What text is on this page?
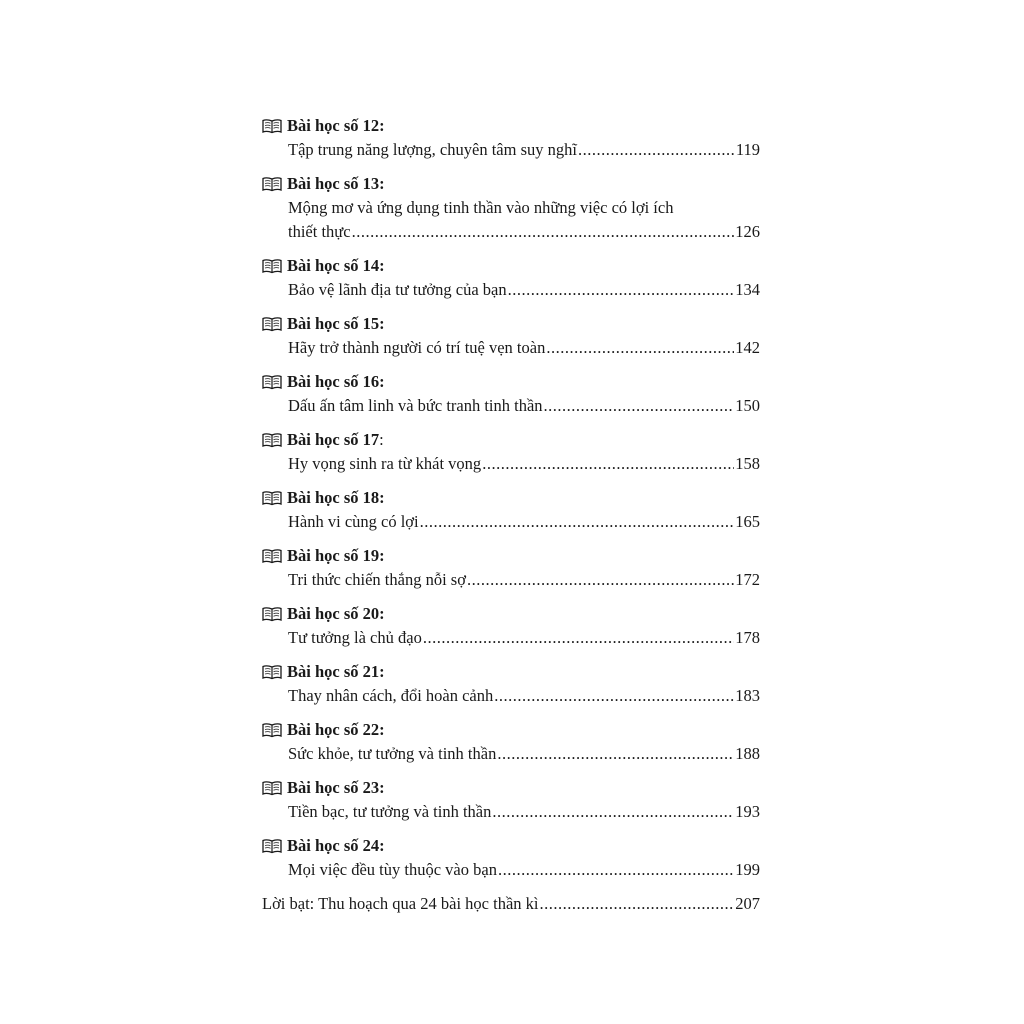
Bài học số 12 :
Tập trung năng lượng, chuyên tâm suy nghĩ .....	119
Bài học số 13 :
Mộng mơ và ứng dụng tinh thần vào những việc có lợi ích
thiết thực .....	126
Bài học số 14 :
Bảo vệ lãnh địa tư tưởng của bạn .....	134
Bài học số 15 :
Hãy trở thành người có trí tuệ vẹn toàn .....	142
Bài học số 16 :
Dấu ấn tâm linh và bức tranh tinh thần .....	150
Bài học số 17 :
Hy vọng sinh ra từ khát vọng .....	158
Bài học số 18 :
Hành vi cùng có lợi .....	165
Bài học số 19 :
Tri thức chiến thắng nỗi sợ .....	172
Bài học số 20 :
Tư tưởng là chủ đạo .....	178
Bài học số 21 :
Thay nhân cách, đổi hoàn cảnh .....	183
Bài học số 22 :
Sức khỏe, tư tưởng và tinh thần .....	188
Bài học số 23 :
Tiền bạc, tư tưởng và tinh thần .....	193
Bài học số 24 :
Mọi việc đều tùy thuộc vào bạn .....	199
Lời bạt: Thu hoạch qua 24 bài học thần kì .....	207
